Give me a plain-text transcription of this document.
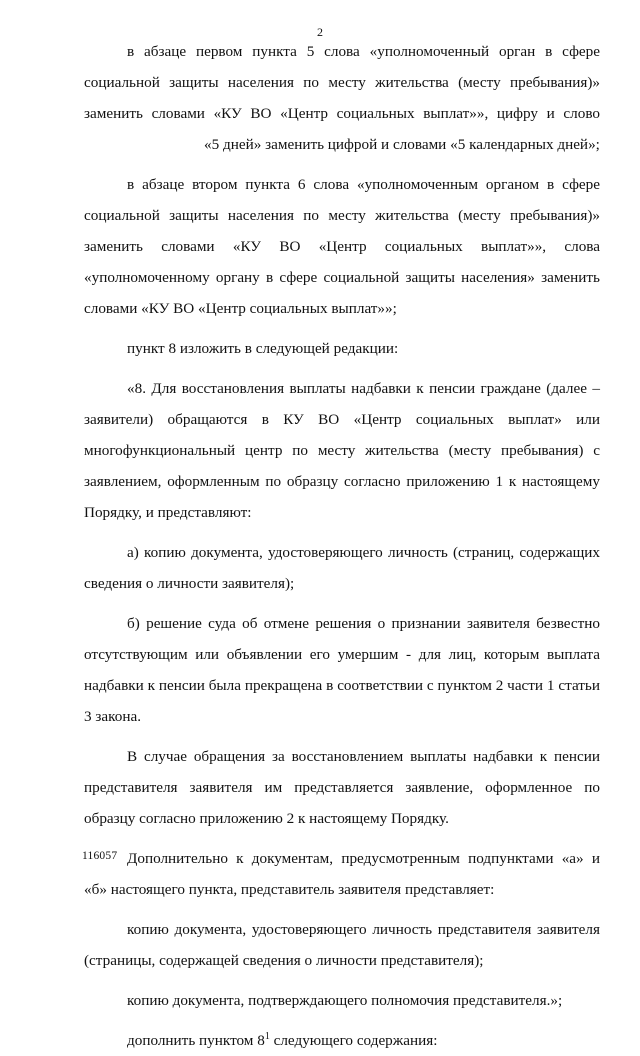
2

в абзаце первом пункта 5 слова «уполномоченный орган в сфере социальной защиты населения по месту жительства (месту пребывания)» заменить словами «КУ ВО «Центр социальных выплат»», цифру и слово«5 дней» заменить цифрой и словами «5 календарных дней»;

в абзаце втором пункта 6 слова «уполномоченным органом в сфере социальной защиты населения по месту жительства (месту пребывания)» заменить словами «КУ ВО «Центр социальных выплат»», слова «уполномоченному органу в сфере социальной защиты населения» заменить словами «КУ ВО «Центр социальных выплат»»;

пункт 8 изложить в следующей редакции:

«8. Для восстановления выплаты надбавки к пенсии граждане (далее – заявители) обращаются в КУ ВО «Центр социальных выплат» или многофункциональный центр по месту жительства (месту пребывания) с заявлением, оформленным по образцу согласно приложению 1 к настоящему Порядку, и представляют:

а) копию документа, удостоверяющего личность (страниц, содержащих сведения о личности заявителя);

б) решение суда об отмене решения о признании заявителя безвестно отсутствующим или объявлении его умершим - для лиц, которым выплата надбавки к пенсии была прекращена в соответствии с пунктом 2 части 1 статьи 3 закона.

В случае обращения за восстановлением выплаты надбавки к пенсии представителя заявителя им представляется заявление, оформленное по образцу согласно приложению 2 к настоящему Порядку.

Дополнительно к документам, предусмотренным подпунктами «а» и «б» настоящего пункта, представитель заявителя представляет:

копию документа, удостоверяющего личность представителя заявителя (страницы, содержащей сведения о личности представителя);

копию документа, подтверждающего полномочия представителя.»;

дополнить пунктом $8^1$ следующего содержания:

116057
